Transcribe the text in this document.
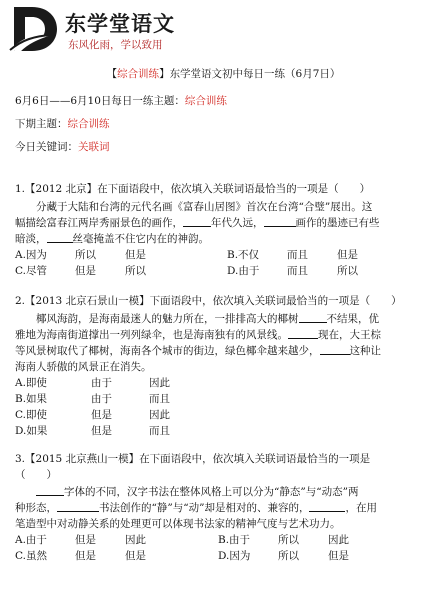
东学堂语文
东风化雨，学以致用
【综合训练】东学堂语文初中每日一练（6月7日）
6月6日——6月10日每日一练主题：综合训练
下期主题：综合训练
今日关键词：关联词
1.【2012 北京】在下面语段中，依次填入关联词语最恰当的一项是（　　）
分藏于大陆和台湾的元代名画《富春山居图》首次在台湾“合璧”展出。这
幅描绘富春江两岸秀丽景色的画作，	年代久远，	画作的墨迹已有些
暗淡， 丝毫掩盖不住它内在的神韵。
A.因为	所以	但是	B.不仅	而且	但是
C.尽管	但是	所以	D.由于	而且	所以
2.【2013 北京石景山一模】下面语段中，依次填入关联词最恰当的一项是（　　）
椰风海韵，是海南最迷人的魅力所在，一排排高大的椰树	不结果，优
雅地为海南街道撑出一列列绿伞，也是海南独有的风景线。	现在，大王棕
等风景树取代了椰树，海南各个城市的街边，绿色椰伞越来越少，	这种让
海南人骄傲的风景正在消失。
A.即使	由于	因此
B.如果	由于	而且
C.即使	但是	因此
D.如果	但是	而且
3.【2015 北京燕山一模】在下面语段中，依次填入关联词语最恰当的一项是
（　　）
字体的不同，汉字书法在整体风格上可以分为“静态”与“动态”两
种形态，	书法创作的“静”与“动”却是相对的、兼容的，	，在用
笔造型中对动静关系的处理更可以体现书法家的精神气度与艺术功力。
A.由于	但是	因此	B.由于	所以	因此
C.虽然	但是	但是	D.因为	所以	但是
